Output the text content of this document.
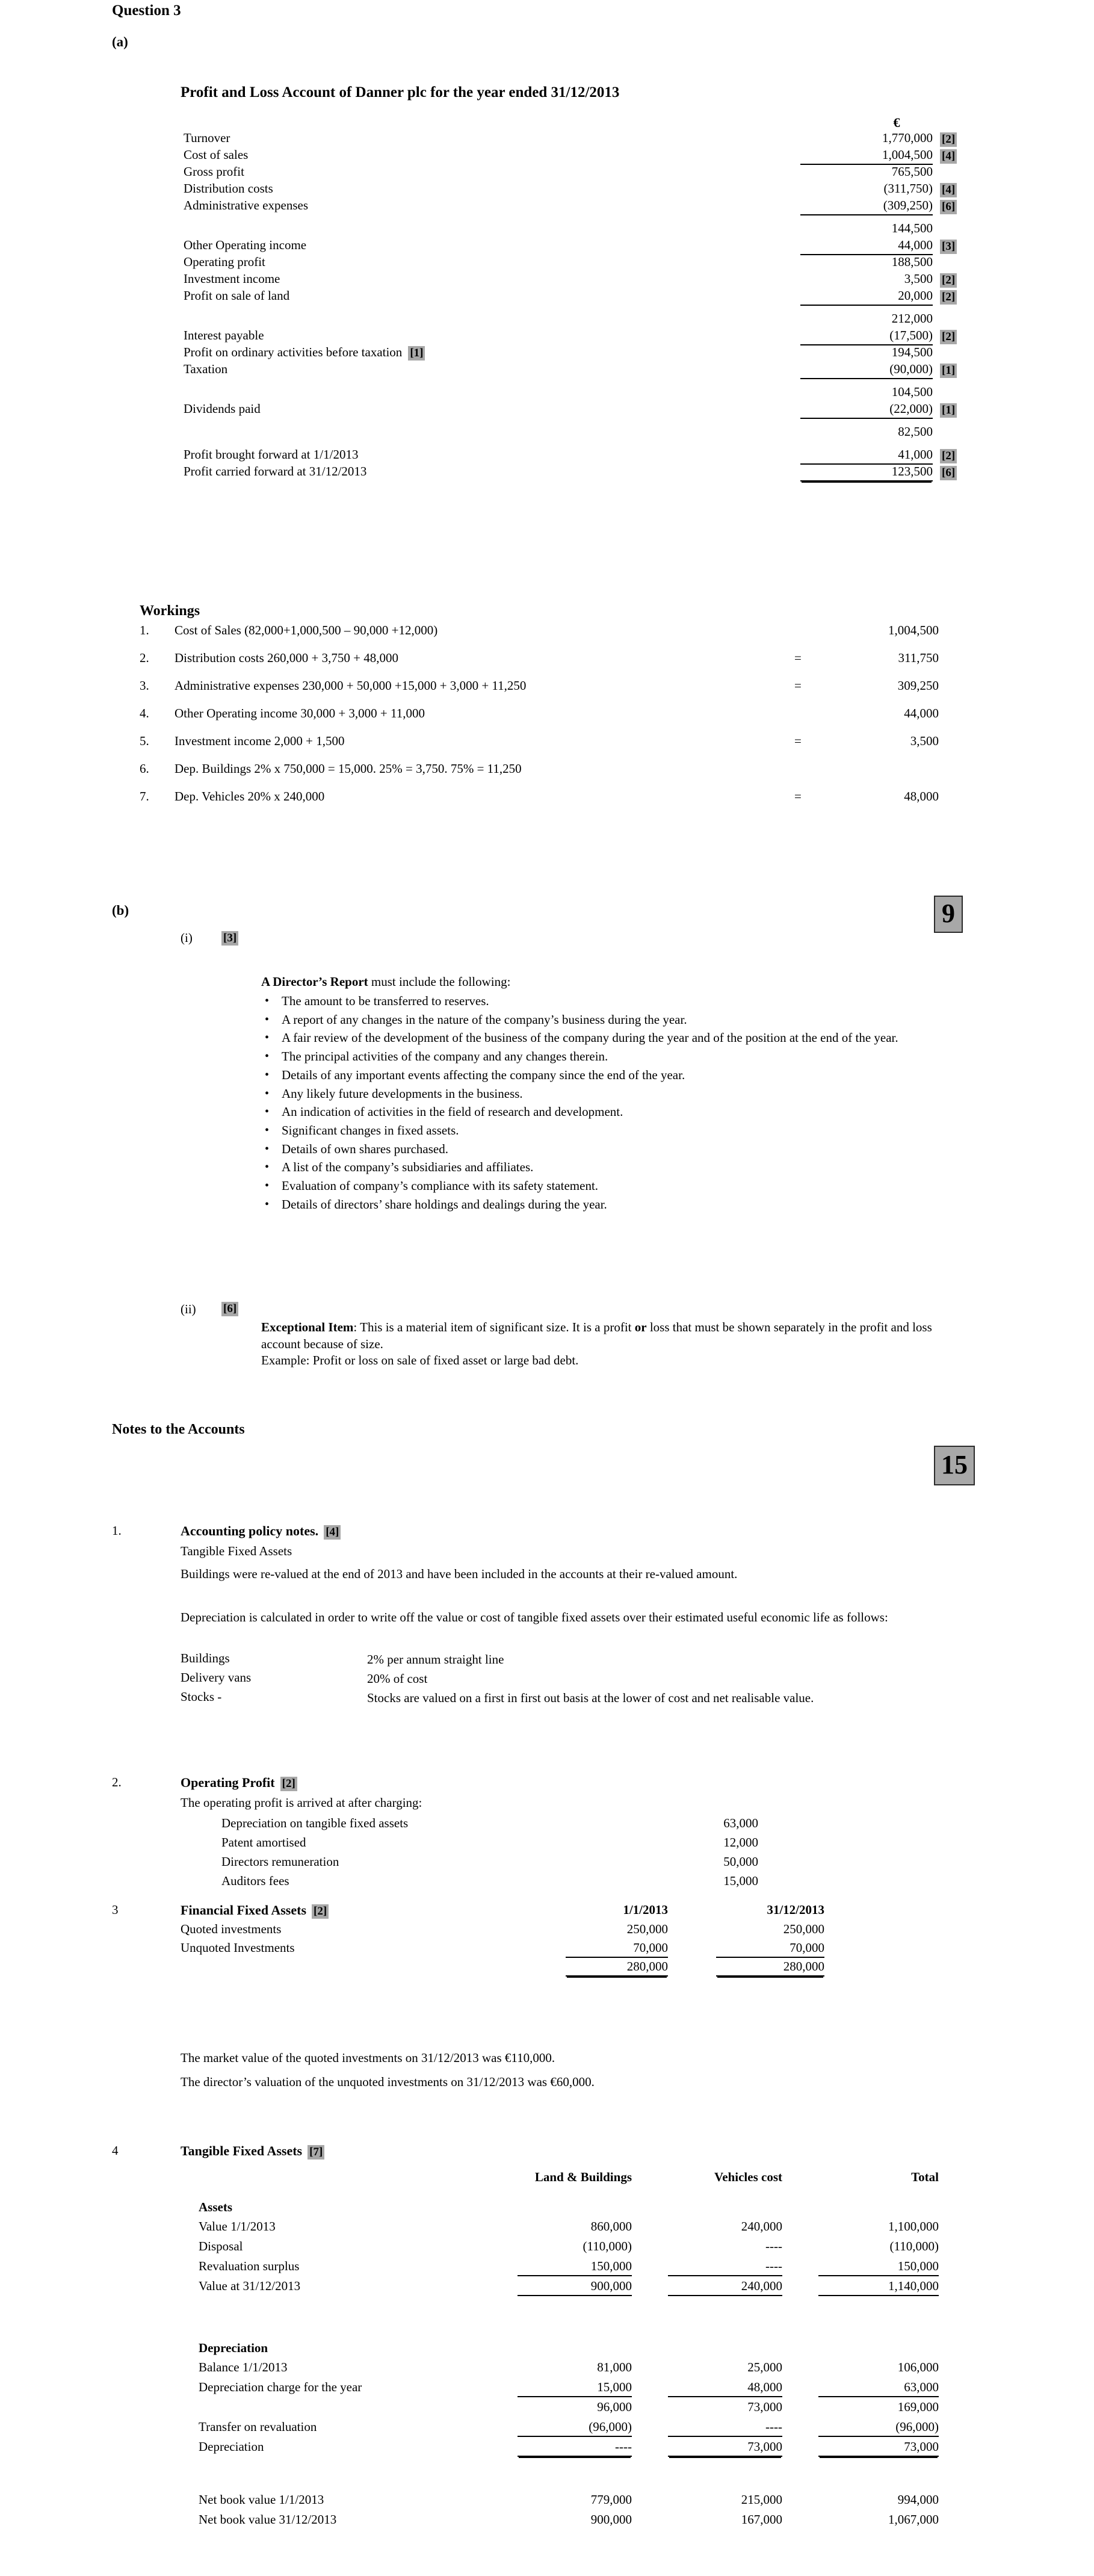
Question 3
(a)
Profit and Loss Account of Danner plc for the year ended 31/12/2013
€
Turnover	1,770,000 [2]
Cost of sales	1,004,500 [4]
Gross profit	765,500
Distribution costs	(311,750) [4]
Administrative expenses	(309,250) [6]
144,500
Other Operating income	44,000 [3]
Operating profit	188,500
Investment income	3,500 [2]
Profit on sale of land	20,000 [2]
212,000
Interest payable	(17,500) [2]
Profit on ordinary activities before taxation [1]	194,500
Taxation	(90,000) [1]
104,500
Dividends paid	(22,000) [1]
82,500
Profit brought forward at 1/1/2013	41,000 [2]
Profit carried forward at 31/12/2013	123,500 [6]
Workings
1.	Cost of Sales (82,000+1,000,500 – 90,000 +12,000)	1,004,500
2.	Distribution costs 260,000 + 3,750 + 48,000	=	311,750
3.	Administrative expenses 230,000 + 50,000 +15,000 + 3,000 + 11,250	=	309,250
4.	Other Operating income 30,000 + 3,000 + 11,000	44,000
5.	Investment income 2,000 + 1,500	=	3,500
6.	Dep. Buildings 2% x 750,000 = 15,000. 25% = 3,750. 75% = 11,250
7.	Dep. Vehicles 20% x 240,000	=	48,000
9
(b)
(i)	[3]
A Director’s Report must include the following:
• The amount to be transferred to reserves.
• A report of any changes in the nature of the company’s business during the year.
• A fair review of the development of the business of the company during the year and of the position at the end of the year.
• The principal activities of the company and any changes therein.
• Details of any important events affecting the company since the end of the year.
• Any likely future developments in the business.
• An indication of activities in the field of research and development.
• Significant changes in fixed assets.
• Details of own shares purchased.
• A list of the company’s subsidiaries and affiliates.
• Evaluation of company’s compliance with its safety statement.
• Details of directors’ share holdings and dealings during the year.
(ii) [6]
Exceptional Item: This is a material item of significant size. It is a profit or loss that must be shown separately in the profit and loss account because of size.
Example: Profit or loss on sale of fixed asset or large bad debt.
Notes to the Accounts
15
1.	Accounting policy notes. [4]
Tangible Fixed Assets
Buildings were re-valued at the end of 2013 and have been included in the accounts at their re-valued amount.
Depreciation is calculated in order to write off the value or cost of tangible fixed assets over their estimated useful economic life as follows:
Buildings	2% per annum straight line
Delivery vans	20% of cost
Stocks -	Stocks are valued on a first in first out basis at the lower of cost and net realisable value.
2.	Operating Profit [2]
The operating profit is arrived at after charging:
Depreciation on tangible fixed assets	63,000
Patent amortised	12,000
Directors remuneration	50,000
Auditors fees	15,000
3	Financial Fixed Assets [2]	1/1/2013	31/12/2013
Quoted investments	250,000	250,000
Unquoted Investments	70,000	70,000
280,000	280,000
The market value of the quoted investments on 31/12/2013 was €110,000.
The director’s valuation of the unquoted investments on 31/12/2013 was €60,000.
4	Tangible Fixed Assets [7]
Land & Buildings	Vehicles cost	Total
Assets
Value 1/1/2013	860,000	240,000	1,100,000
Disposal	(110,000)	----	(110,000)
Revaluation surplus	150,000	----	150,000
Value at 31/12/2013	900,000	240,000	1,140,000
Depreciation
Balance 1/1/2013	81,000	25,000	106,000
Depreciation charge for the year	15,000	48,000	63,000
96,000	73,000	169,000
Transfer on revaluation	(96,000)	----	(96,000)
Depreciation	----	73,000	73,000
Net book value 1/1/2013	779,000	215,000	994,000
Net book value 31/12/2013	900,000	167,000	1,067,000
